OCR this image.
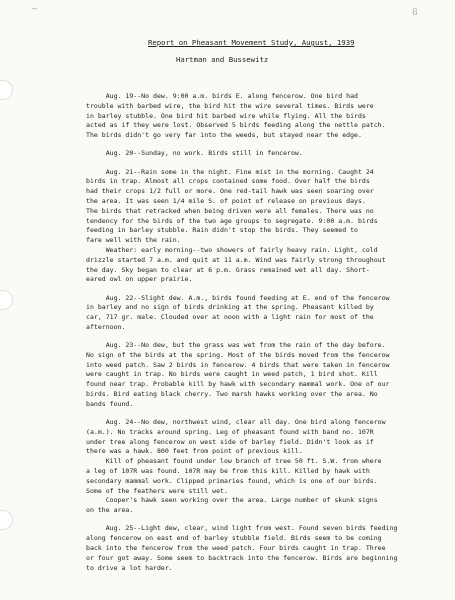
—	8
Report on Pheasant Movement Study, August, 1939
Hartman and Bussewitz

Aug. 19--No dew. 9:00 a.m. birds E. along fencerow. One bird had
trouble with barbed wire, the bird hit the wire several times. Birds were
in barley stubble. One bird hit barbed wire while flying. All the birds
acted as if they were lost. Observed 5 birds feeding along the nettle patch.
The birds didn't go very far into the weeds, but stayed near the edge.

Aug. 20--Sunday, no work. Birds still in fencerow.

Aug. 21--Rain some in the night. Fine mist in the morning. Caught 24
birds in trap. Almost all crops contained some food. Over half the birds
had their crops 1/2 full or more. One red-tail hawk was seen soaring over
the area. It was seen 1/4 mile S. of point of release on previous days.
The birds that retracked when being driven were all females. There was no
tendency for the birds of the two age groups to segregate. 9:00 a.m. birds
feeding in barley stubble. Rain didn't stop the birds. They seemed to
fare well with the rain.

Weather: early morning--two showers of fairly heavy rain. Light, cold
drizzle started 7 a.m. and quit at 11 a.m. Wind was fairly strong throughout
the day. Sky began to clear at 6 p.m. Grass remained wet all day. Short-
eared owl on upper prairie.

Aug. 22--Slight dew. A.m., birds found feeding at E. end of the fencerow
in barley and no sign of birds drinking at the spring. Pheasant killed by
car, 717 gr. male. Clouded over at noon with a light rain for most of the
afternoon.

Aug. 23--No dew, but the grass was wet from the rain of the day before.
No sign of the birds at the spring. Most of the birds moved from the fencerow
into weed patch. Saw 2 birds in fencerow. 4 birds that were taken in fencerow
were caught in trap. No birds were caught in weed patch, 1 bird shot. Kill
found near trap. Probable kill by hawk with secondary mammal work. One of our
birds. Bird eating black cherry. Two marsh hawks working over the area. No
bands found.

Aug. 24--No dew, northwest wind, clear all day. One bird along fencerow
(a.m.). No tracks around spring. Leg of pheasant found with band no. 107R
under tree along fencerow on west side of barley field. Didn't look as if
there was a hawk. 800 feet from point of previous kill.

Kill of pheasant found under low branch of tree 50 ft. S.W. from where
a leg of 107R was found. 107R may be from this kill. Killed by hawk with
secondary mammal work. Clipped primaries found, which is one of our birds.
Some of the feathers were still wet.

Cooper's hawk seen working over the area. Large number of skunk signs
on the area.

Aug. 25--Light dew, clear, wind light from west. Found seven birds feeding
along fencerow on east end of barley stubble field. Birds seem to be coming
back into the fencerow from the weed patch. Four birds caught in trap. Three
or four got away. Some seem to backtrack into the fencerow. Birds are beginning
to drive a lot harder.
